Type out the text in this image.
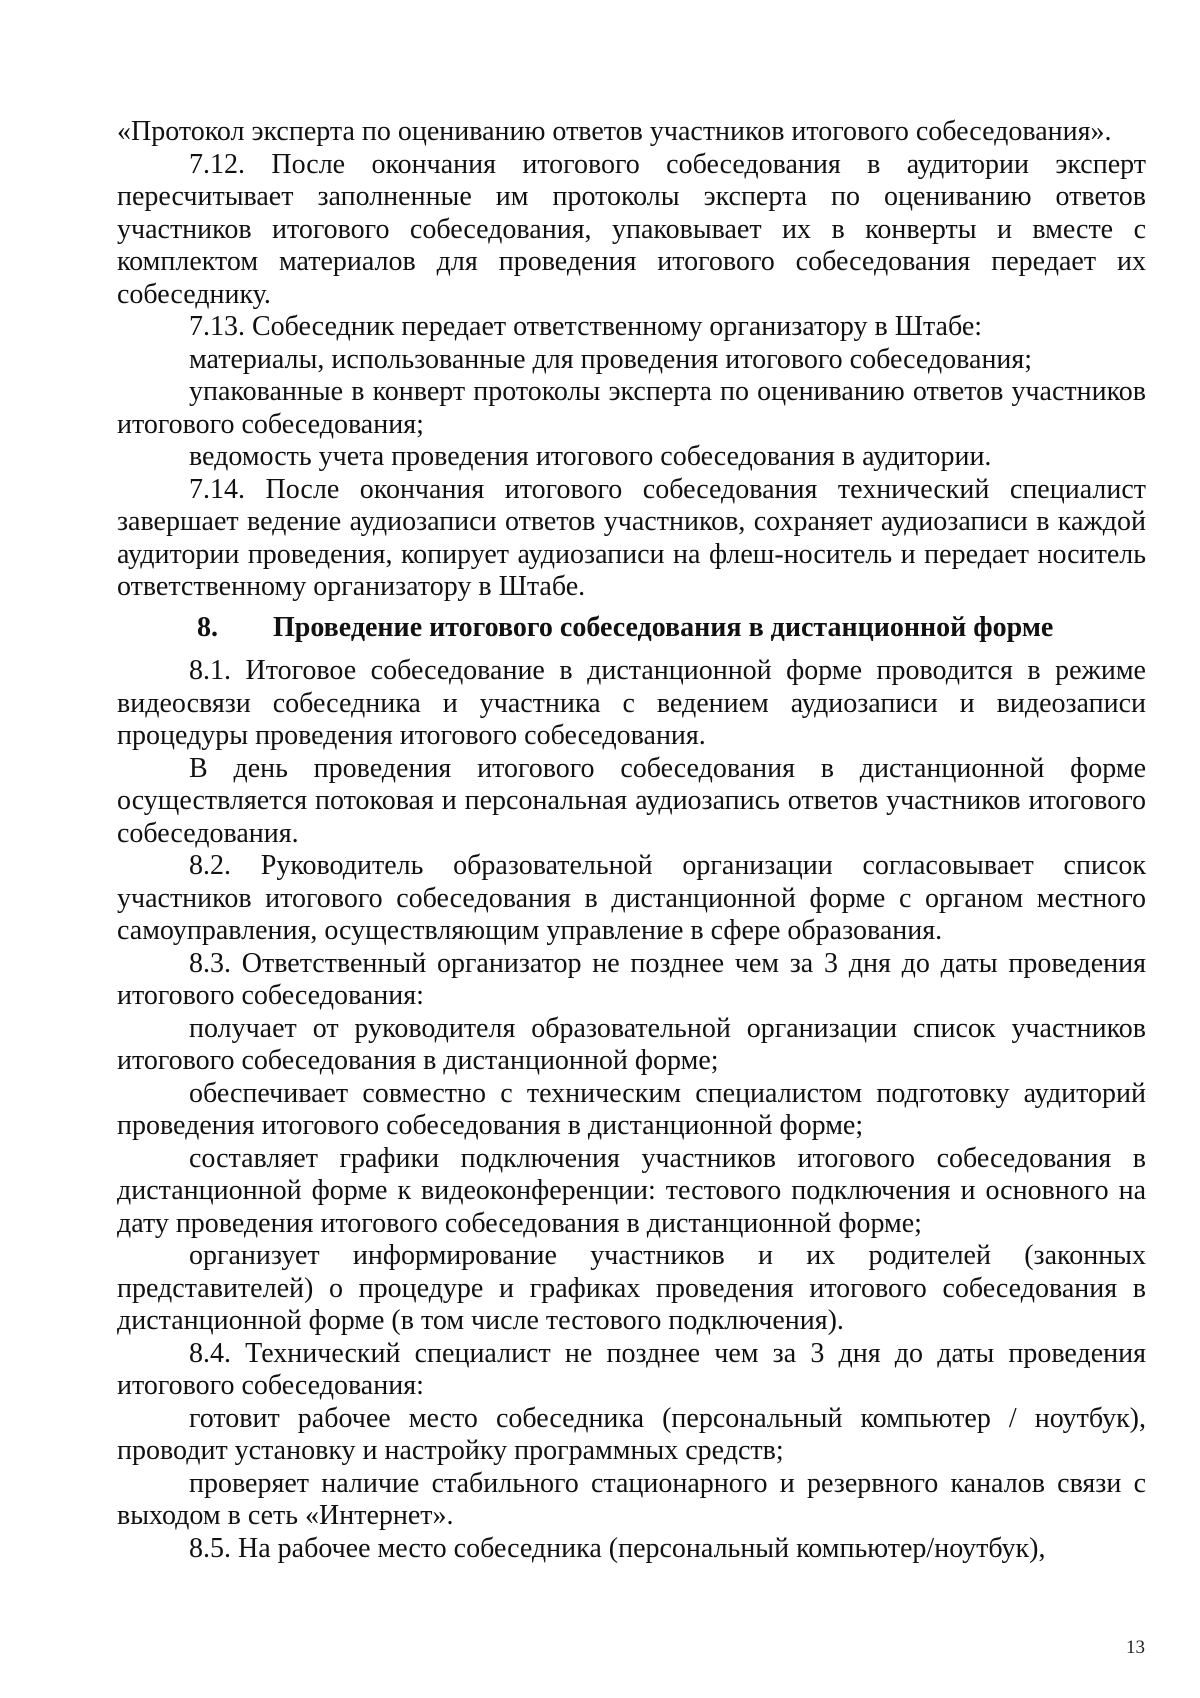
«Протокол эксперта по оцениванию ответов участников итогового собеседования».

7.12. После окончания итогового собеседования в аудитории эксперт пересчитывает заполненные им протоколы эксперта по оцениванию ответов участников итогового собеседования, упаковывает их в конверты и вместе с комплектом материалов для проведения итогового собеседования передает их собеседнику.

7.13. Собеседник передает ответственному организатору в Штабе:

материалы, использованные для проведения итогового собеседования;

упакованные в конверт протоколы эксперта по оцениванию ответов участников итогового собеседования;

ведомость учета проведения итогового собеседования в аудитории.

7.14. После окончания итогового собеседования технический специалист завершает ведение аудиозаписи ответов участников, сохраняет аудиозаписи в каждой аудитории проведения, копирует аудиозаписи на флеш-носитель и передает носитель ответственному организатору в Штабе.

8. Проведение итогового собеседования в дистанционной форме

8.1. Итоговое собеседование в дистанционной форме проводится в режиме видеосвязи собеседника и участника с ведением аудиозаписи и видеозаписи процедуры проведения итогового собеседования.

В день проведения итогового собеседования в дистанционной форме осуществляется потоковая и персональная аудиозапись ответов участников итогового собеседования.

8.2. Руководитель образовательной организации согласовывает список участников итогового собеседования в дистанционной форме с органом местного самоуправления, осуществляющим управление в сфере образования.

8.3. Ответственный организатор не позднее чем за 3 дня до даты проведения итогового собеседования:

получает от руководителя образовательной организации список участников итогового собеседования в дистанционной форме;

обеспечивает совместно с техническим специалистом подготовку аудиторий проведения итогового собеседования в дистанционной форме;

составляет графики подключения участников итогового собеседования в дистанционной форме к видеоконференции: тестового подключения и основного на дату проведения итогового собеседования в дистанционной форме;

организует информирование участников и их родителей (законных представителей) о процедуре и графиках проведения итогового собеседования в дистанционной форме (в том числе тестового подключения).

8.4. Технический специалист не позднее чем за 3 дня до даты проведения итогового собеседования:

готовит рабочее место собеседника (персональный компьютер / ноутбук), проводит установку и настройку программных средств;

проверяет наличие стабильного стационарного и резервного каналов связи с выходом в сеть «Интернет».

8.5. На рабочее место собеседника (персональный компьютер/ноутбук),

13
